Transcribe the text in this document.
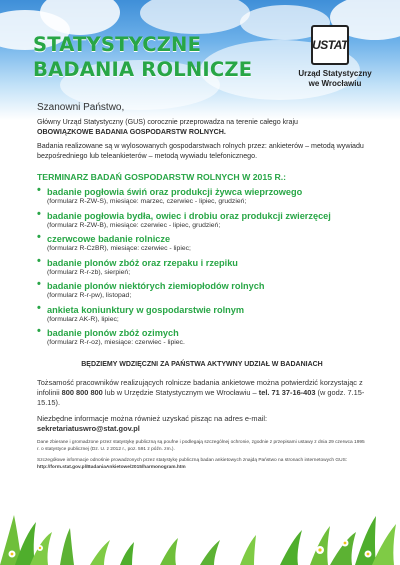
STATYSTYCZNE
BADANIA ROLNICZE
USTAT
Urząd Statystyczny
we Wrocławiu
Szanowni Państwo,

Główny Urząd Statystyczny (GUS) corocznie przeprowadza na terenie całego kraju
OBOWIĄZKOWE BADANIA GOSPODARSTW ROLNYCH.

Badania realizowane są w wylosowanych gospodarstwach rolnych przez: ankieterów – metodą wywiadu bezpośredniego lub teleankieterów – metodą wywiadu telefonicznego.

TERMINARZ BADAŃ GOSPODARSTW ROLNYCH W 2015 R.:
• badanie pogłowia świń oraz produkcji żywca wieprzowego
(formularz R-ZW-S), miesiące: marzec, czerwiec - lipiec, grudzień;
• badanie pogłowia bydła, owiec i drobiu oraz produkcji zwierzęcej
(formularz R-ZW-B), miesiące: czerwiec - lipiec, grudzień;
• czerwcowe badanie rolnicze
(formularz R-CzBR), miesiące: czerwiec - lipiec;
• badanie plonów zbóż oraz rzepaku i rzepiku
(formularz R-r-zb), sierpień;
• badanie plonów niektórych ziemiopłodów rolnych
(formularz R-r-pw), listopad;
• ankieta koniunktury w gospodarstwie rolnym
(formularz AK-R), lipiec;
• badanie plonów zbóż ozimych
(formularz R-r-oz), miesiące: czerwiec - lipiec.
BĘDZIEMY WDZIĘCZNI ZA PAŃSTWA AKTYWNY UDZIAŁ W BADANIACH
Tożsamość pracowników realizujących rolnicze badania ankietowe można potwierdzić korzystając z infolinii 800 800 800 lub w Urzędzie Statystycznym we Wrocławiu – tel. 71 37-16-403 (w godz. 7.15-15.15).
Niezbędne informacje można również uzyskać pisząc na adres e-mail:
sekretariatuswro@stat.gov.pl
Dane zbierane i gromadzone przez statystykę publiczną są poufne i podlegają szczególnej ochronie, zgodnie z przepisami ustawy z dnia 29 czerwca 1995 r. o statystyce publicznej (Dz. U. z 2012 r., poz. 591 z późn. zm.).
Szczegółowe informacje odnośnie prowadzonych przez statystykę publiczną badan ankietowych znajdą Państwo na stronach internetowych GUS:
http://form.stat.gov.pl/BadaniaAnkietowe/2015/harmonogram.htm
